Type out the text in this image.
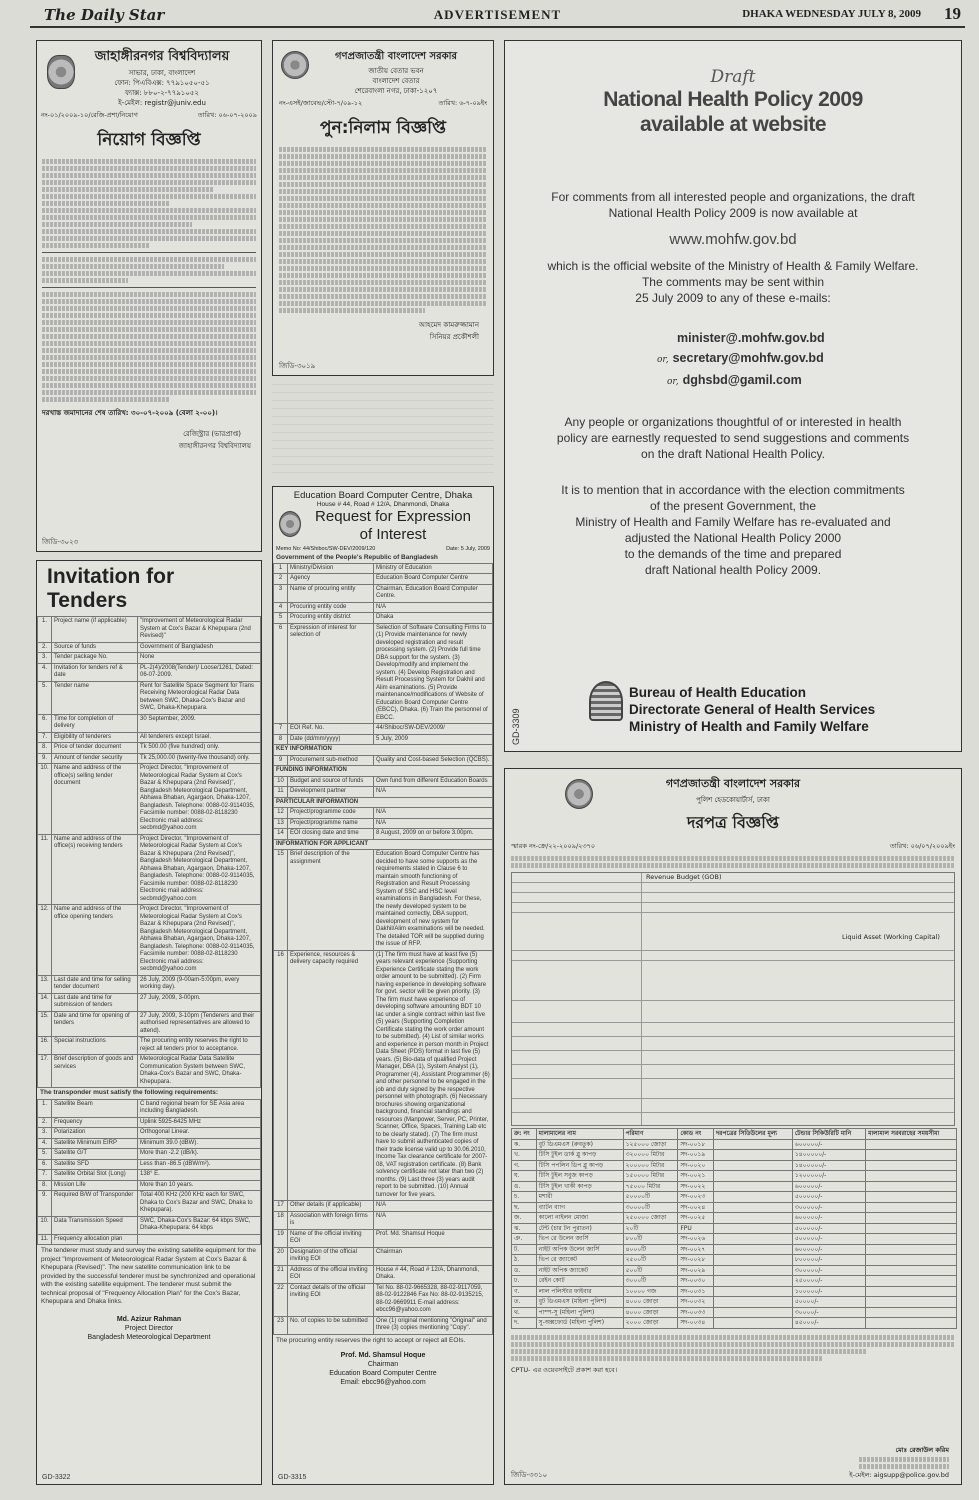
The Daily Star	ADVERTISEMENT	DHAKA WEDNESDAY JULY 8, 2009 19
জাহাঙ্গীরনগর বিশ্ববিদ্যালয়
সাভার, ঢাকা, বাংলাদেশ
ফোন: পিএবিএক্স: ৭৭৯১০৫০-৫১
ফ্যাক্স: ৮৮০-২-৭৭৯১০৫২
ই-মেইল: registr@juniv.edu
নং-০১/২০০৯-১০/রেজি-প্রশা/নিয়োগ	তারিখ: ০৬-০৭-২০০৯
নিয়োগ বিজ্ঞপ্তি
দরখাস্ত জমাদানের শেষ তারিখ: ৩০-০৭-২০০৯ (বেলা ২-০০)।
রেজিস্ট্রার (ভারপ্রাপ্ত)
জাহাঙ্গীরনগর বিশ্ববিদ্যালয়
জিডি-৩০২৩
গণপ্রজাতন্ত্রী বাংলাদেশ সরকার
জাতীয় বেতার ভবন
বাংলাদেশ বেতার
শেরেবাংলা নগর, ঢাকা-১২০৭
নং-এসই/জাবেভ/স্টো-৭/০৯-১২	তারিখ: ৬-৭-০৯ইং
পুন:নিলাম বিজ্ঞপ্তি
আহমেদ কামরুজ্জামান
সিনিয়র প্রকৌশলী
জিডি-৩০১৯
Invitation for Tenders
1.	Project name (if applicable)	"Improvement of Meteorological Radar System at Cox's Bazar & Khepupara (2nd Revised)"
2.	Source of funds	Government of Bangladesh
3.	Tender package No.	None
4.	Invitation for tenders ref & date	PL-2(4)/2008(Tender)/ Loose/1261, Dated: 06-07-2009.
5.	Tender name	Rent for Satellite Space Segment for Trans Receiving Meteorological Radar Data between SWC, Dhaka-Cox's Bazar and SWC, Dhaka-Khepupara.
6.	Time for completion of delivery	30 September, 2009.
7.	Eligibility of tenderers	All tenderers except Israel.
8.	Price of tender document	Tk 500.00 (five hundred) only.
9.	Amount of tender security	Tk 25,000.00 (twenty-five thousand) only.
10.	Name and address of the office(s) selling tender document	Project Director, "Improvement of Meteorological Radar System at Cox's Bazar & Khepupara (2nd Revised)", Bangladesh Meteorological Department, Abhawa Bhaban, Agargaon, Dhaka-1207, Bangladesh. Telephone: 0088-02-9114035, Facsimile number: 0088-02-8118230 Electronic mail address: secbmd@yahoo.com
11.	Name and address of the office(s) receiving tenders	Project Director, "Improvement of Meteorological Radar System at Cox's Bazar & Khepupara (2nd Revised)", Bangladesh Meteorological Department, Abhawa Bhaban, Agargaon, Dhaka-1207, Bangladesh. Telephone: 0088-02-9114035, Facsimile number: 0088-02-8118230 Electronic mail address: secbmd@yahoo.com
12.	Name and address of the office opening tenders	Project Director, "Improvement of Meteorological Radar System at Cox's Bazar & Khepupara (2nd Revised)", Bangladesh Meteorological Department, Abhawa Bhaban, Agargaon, Dhaka-1207, Bangladesh. Telephone: 0088-02-9114035, Facsimile number: 0088-02-8118230 Electronic mail address: secbmd@yahoo.com
13.	Last date and time for selling tender document	26 July, 2009 (9-00am-5:00pm, every working day).
14.	Last date and time for submission of tenders	27 July, 2009, 3-00pm.
15.	Date and time for opening of tenders	27 July, 2009, 3-10pm (Tenderers and their authorised representatives are allowed to attend).
16.	Special instructions	The procuring entity reserves the right to reject all tenders prior to acceptance.
17.	Brief description of goods and services	Meteorological Radar Data Satellite Communication System between SWC, Dhaka-Cox's Bazar and SWC, Dhaka-Khepupara.
The transponder must satisfy the following requirements:
1.	Satellite Beam	C band regional beam for SE Asia area including Bangladesh.
2.	Frequency	Uplink 5925-6425 MHz
3.	Polarization	Orthogonal Linear.
4.	Satellite Minimum EIRP	Minimum 39.0 (dBW).
5.	Satellite G/T	More than -2.2 (dB/k).
6.	Satellite SFD	Less than -86.5 (dBW/m²).
7.	Satellite Orbital Slot (Long)	138° E.
8.	Mission Life	More than 10 years.
9.	Required B/W of Transponder	Total 400 KHz (200 KHz each for SWC, Dhaka to Cox's Bazar and SWC, Dhaka to Khepupara).
10.	Data Transmission Speed	SWC, Dhaka-Cox's Bazar: 64 kbps SWC, Dhaka-Khepupara: 64 kbps
11.	Frequency allocation plan	
The tenderer must study and survey the existing satellite equipment for the project "Improvement of Meteorological Radar System at Cox's Bazar & Khepupara (Revised)". The new satellite communication link to be provided by the successful tenderer must be synchronized and operational with the existing satellite equipment. The tenderer must submit the technical proposal of "Frequency Allocation Plan" for the Cox's Bazar, Khepupara and Dhaka links.
Md. Azizur Rahman
Project Director
Bangladesh Meteorological Department
GD-3322
Education Board Computer Centre, Dhaka
House # 44, Road # 12/A, Dhanmondi, Dhaka
Request for Expression
of Interest
Memo No: 44/Shiboc/SW-DEV/2009/120	Date: 5 July, 2009
Government of the People's Republic of Bangladesh
1	Ministry/Division	Ministry of Education
2	Agency	Education Board Computer Centre
3	Name of procuring entity	Chairman, Education Board Computer Centre.
4	Procuring entity code	N/A
5	Procuring entity district	Dhaka
6	Expression of interest for selection of	Selection of Software Consulting Firms to (1) Provide maintenance for newly developed registration and result processing system. (2) Provide full time DBA support for the system. (3) Develop/modify and implement the system. (4) Develop Registration and Result Processing System for Dakhil and Alim examinations. (5) Provide maintenance/modifications of Website of Education Board Computer Centre (EBCC), Dhaka. (6) Train the personnel of EBCC.
7	EOI Ref. No.	44/Shiboc/SW-DEV/2009/
8	Date (dd/mm/yyyy)	5 July, 2009
KEY INFORMATION		
9	Procurement sub-method	Quality and Cost-based Selection (QCBS).
FUNDING INFORMATION		
10	Budget and source of funds	Own fund from different Education Boards
11	Development partner	N/A
PARTICULAR INFORMATION		
12	Project/programme code	N/A
13	Project/programme name	N/A
14	EOI closing date and time	8 August, 2009 on or before 3.00pm.
INFORMATION FOR APPLICANT		
15	Brief description of the assignment	Education Board Computer Centre has decided to have some supports as the requirements stated in Clause 6 to maintain smooth functioning of Registration and Result Processing System of SSC and HSC level examinations in Bangladesh. For these, the newly developed system to be maintained correctly, DBA support, development of new system for Dakhil/Alim examinations will be needed. The detailed TOR will be supplied during the issue of RFP.
16	Experience, resources & delivery capacity required	(1) The firm must have at least five (5) years relevant experience (Supporting Experience Certificate stating the work order amount to be submitted). (2) Firm having experience in developing software for govt. sector will be given priority. (3) The firm must have experience of developing software amounting BDT 10 lac under a single contract within last five (5) years (Supporting Completion Certificate stating the work order amount to be submitted). (4) List of similar works and experience in person month in Project Data Sheet (PDS) format in last five (5) years. (5) Bio-data of qualified Project Manager, DBA (1), System Analyst (1), Programmer (4), Assistant Programmer (6) and other personnel to be engaged in the job and duly signed by the respective personnel with photograph. (6) Necessary brochures showing organizational background, financial standings and resources (Manpower, Server, PC, Printer, Scanner, Office, Spaces, Training Lab etc to be clearly stated). (7) The firm must have to submit authenticated copies of their trade license valid up to 30.06.2010, Income Tax clearance certificate for 2007-08, VAT registration certificate. (8) Bank solvency certificate not later than two (2) months. (9) Last three (3) years audit report to be submitted. (10) Annual turnover for five years.
17	Other details (if applicable)	N/A
18	Association with foreign firms is	N/A
19	Name of the official inviting EOI	Prof. Md. Shamsul Hoque
20	Designation of the official inviting EOI	Chairman
21	Address of the official inviting EOI	House # 44, Road # 12/A, Dhanmondi, Dhaka.
22	Contact details of the official inviting EOI	Tel No. 88-02-9665328, 88-02-9117059, 88-02-9122846 Fax No: 88-02-9135215, 88-02-9669911 E-mail address: ebcc96@yahoo.com
23	No. of copies to be submitted	One (1) original mentioning "Original" and three (3) copies mentioning "Copy".
The procuring entity reserves the right to accept or reject all EOIs.
Prof. Md. Shamsul Hoque
Chairman
Education Board Computer Centre
Email: ebcc96@yahoo.com
GD-3315
Draft
National Health Policy 2009
available at website
For comments from all interested people and organizations, the draft
National Health Policy 2009 is now available at
www.mohfw.gov.bd
which is the official website of the Ministry of Health & Family Welfare.
The comments may be sent within
25 July 2009 to any of these e-mails:
minister@.mohfw.gov.bd
or, secretary@mohfw.gov.bd
or, dghsbd@gamil.com
Any people or organizations thoughtful of or interested in health
policy are earnestly requested to send suggestions and comments
on the draft National Health Policy.
It is to mention that in accordance with the election commitments
of the present Government, the
Ministry of Health and Family Welfare has re-evaluated and
adjusted the National Health Policy 2000
to the demands of the time and prepared
draft National health Policy 2009.
Bureau of Health Education
Directorate General of Health Services
Ministry of Health and Family Welfare
GD-3309
গণপ্রজাতন্ত্রী বাংলাদেশ সরকার
পুলিশ হেডকোয়ার্টার্স, ঢাকা
দরপত্র বিজ্ঞপ্তি
স্মারক নং-ক্রে/২২-২০০৯/২৩৭০	তারিখ: ০৬/০৭/২০০৯ইং
Revenue Budget (GOB)
Liquid Asset (Working Capital)
ক্র: নং	মালামালের নাম	পরিমাণ	কোড নং	দরপত্রের সিডিউলের মূল্য	টেন্ডার সিকিউরিটি মানি	মালামাল সরবরাহের সময়সীমা
ক.	বুট ডিএমএস (রুবতুক)	১২৫০০০ জোড়া	সদ-০০১৮		৬০০০০০/-	
খ.	টিসি টুইল ডার্ক ব্লু কাপড়	৩২০০০০ মিটার	সদ-০০১৯		১৪০০০০০/-	
গ.	টিসি পপলিন ডিপ ব্লু কাপড়	২০০০০০ মিটার	সদ-০০২০		১৪০০০০০/-	
ঘ.	টিসি টুইল সবুজ কাপড়	১৫০০০০ মিটার	সদ-০০২১		১২০০০০০/-	
ঙ.	টিসি টুইল খাকী কাপড়	৭৫০০০ মিটার	সদ-০০২২		৬০০০০০/-	
চ.	মশারী	৫০০০০টি	সদ-০০২৩		৫০০০০০/-	
ছ.	ব্যাটন ব্যাগ	৩০০০০টি	সদ-০০২৪		৩০০০০০/-	
জ.	কালো নাইলন মোজা	২৫০০০০ জোড়া	সদ-০০২৫		৬০০০০০/-	
ঝ.	টেন্ট (চার টন পুরাতন)	২০টি	FPU		৫০০০০০/-	
ঞ.	ভিপ রে উলেন জার্সি	৮০০টি	সদ-০০২৬		৫০০০০০/-	
ট.	নাইট অপিক উলেন জার্সি	৪০০০টি	সদ-০০২৭		৬০০০০০/-	
ঠ.	ভিপ রে জ্যাকেট	২৫০০টি	সদ-০০২৮		৮০০০০০/-	
ড.	নাইট অপিক জ্যাকেট	৫০০টি	সদ-০০২৯		৩০০০০০/-	
ঢ.	রেইন কোট	৩০০০টি	সদ-০০৩০		২৫০০০০/-	
ণ.	লাল পলিস্টার ফাইবার	১০০০০ গজ	সদ-০০৩১		১০০০০০/-	
ত.	বুট ডিএমএস (মহিলা পুলিশ)	৪০০০ জোড়া	সদ-০০৩২		৫০০০০/-	
থ.	পাম্প-সু (মহিলা পুলিশ)	৪০০০ জোড়া	সদ-০০৩৩		৩০০০০/-	
দ.	সু-অক্সফোর্ড (মহিলা পুলিশ)	২০০০ জোড়া	সদ-০০৩৪		৪৫০০০/-	
CPTU- এর ওয়েবসাইটে প্রকাশ করা হবে।
মোঃ রেজাউল করিম
ই-মেইল: aigsupp@police.gov.bd
জিডি-৩৩১০
